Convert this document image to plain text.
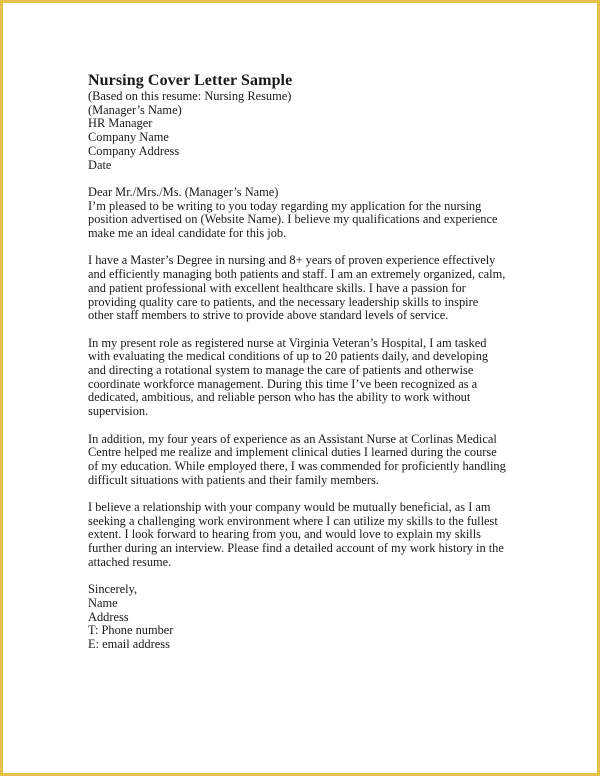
Nursing Cover Letter Sample
(Based on this resume: Nursing Resume)
(Manager’s Name)
HR Manager
Company Name
Company Address
Date
Dear Mr./Mrs./Ms. (Manager’s Name)
I’m pleased to be writing to you today regarding my application for the nursing
position advertised on (Website Name). I believe my qualifications and experience
make me an ideal candidate for this job.
I have a Master’s Degree in nursing and 8+ years of proven experience effectively
and efficiently managing both patients and staff. I am an extremely organized, calm,
and patient professional with excellent healthcare skills. I have a passion for
providing quality care to patients, and the necessary leadership skills to inspire
other staff members to strive to provide above standard levels of service.
In my present role as registered nurse at Virginia Veteran’s Hospital, I am tasked
with evaluating the medical conditions of up to 20 patients daily, and developing
and directing a rotational system to manage the care of patients and otherwise
coordinate workforce management. During this time I’ve been recognized as a
dedicated, ambitious, and reliable person who has the ability to work without
supervision.
In addition, my four years of experience as an Assistant Nurse at Corlinas Medical
Centre helped me realize and implement clinical duties I learned during the course
of my education. While employed there, I was commended for proficiently handling
difficult situations with patients and their family members.
I believe a relationship with your company would be mutually beneficial, as I am
seeking a challenging work environment where I can utilize my skills to the fullest
extent. I look forward to hearing from you, and would love to explain my skills
further during an interview. Please find a detailed account of my work history in the
attached resume.
Sincerely,
Name
Address
T: Phone number
E: email address
